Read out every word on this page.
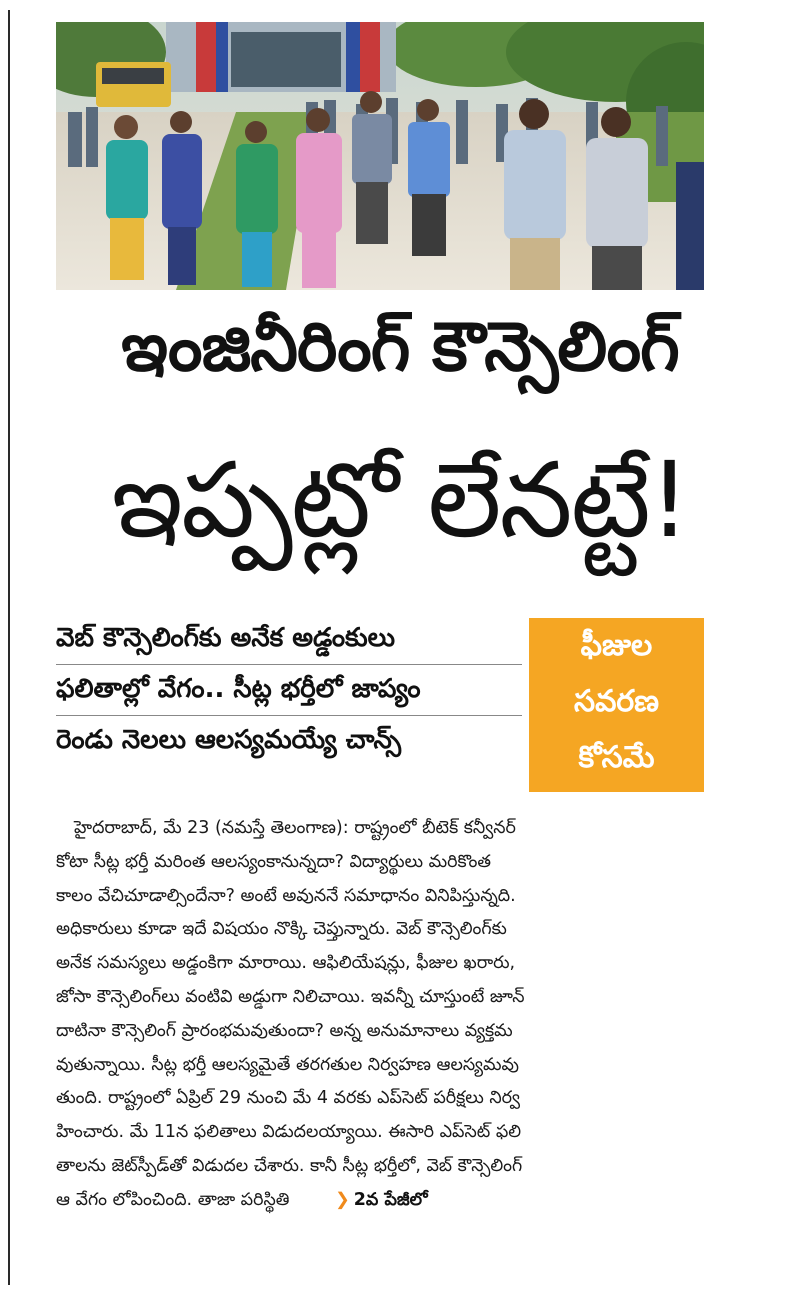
ఇంజినీరింగ్ కౌన్సెలింగ్
ఇప్పట్లో లేనట్టే!
వెబ్ కౌన్సెలింగ్‌కు అనేక అడ్డంకులు
ఫలితాల్లో వేగం.. సీట్ల భర్తీలో జాప్యం
రెండు నెలలు ఆలస్యమయ్యే చాన్స్
ఫీజుల
సవరణ
కోసమే
హైదరాబాద్, మే 23 (నమస్తే తెలంగాణ): రాష్ట్రంలో బీటెక్ కన్వీనర్
కోటా సీట్ల భర్తీ మరింత ఆలస్యంకానున్నదా? విద్యార్థులు మరికొంత
కాలం వేచిచూడాల్సిందేనా? అంటే అవుననే సమాధానం వినిపిస్తున్నది.
అధికారులు కూడా ఇదే విషయం నొక్కి చెప్తున్నారు. వెబ్ కౌన్సెలింగ్‌కు
అనేక సమస్యలు అడ్డంకిగా మారాయి. ఆఫిలియేషన్లు, ఫీజుల ఖరారు,
జోసా కౌన్సెలింగ్‌లు వంటివి అడ్డుగా నిలిచాయి. ఇవన్నీ చూస్తుంటే జూన్
దాటినా కౌన్సెలింగ్ ప్రారంభమవుతుందా? అన్న అనుమానాలు వ్యక్తమ
వుతున్నాయి. సీట్ల భర్తీ ఆలస్యమైతే తరగతుల నిర్వహణ ఆలస్యమవు
తుంది. రాష్ట్రంలో ఏప్రిల్ 29 నుంచి మే 4 వరకు ఎప్‌సెట్ పరీక్షలు నిర్వ
హించారు. మే 11న ఫలితాలు విడుదలయ్యాయి. ఈసారి ఎప్‌సెట్ ఫలి
తాలను జెట్‌స్పీడ్‌తో విడుదల చేశారు. కానీ సీట్ల భర్తీలో, వెబ్ కౌన్సెలింగ్
ఆ వేగం లోపించింది. తాజా పరిస్థితి	❯ 2వ పేజీలో
